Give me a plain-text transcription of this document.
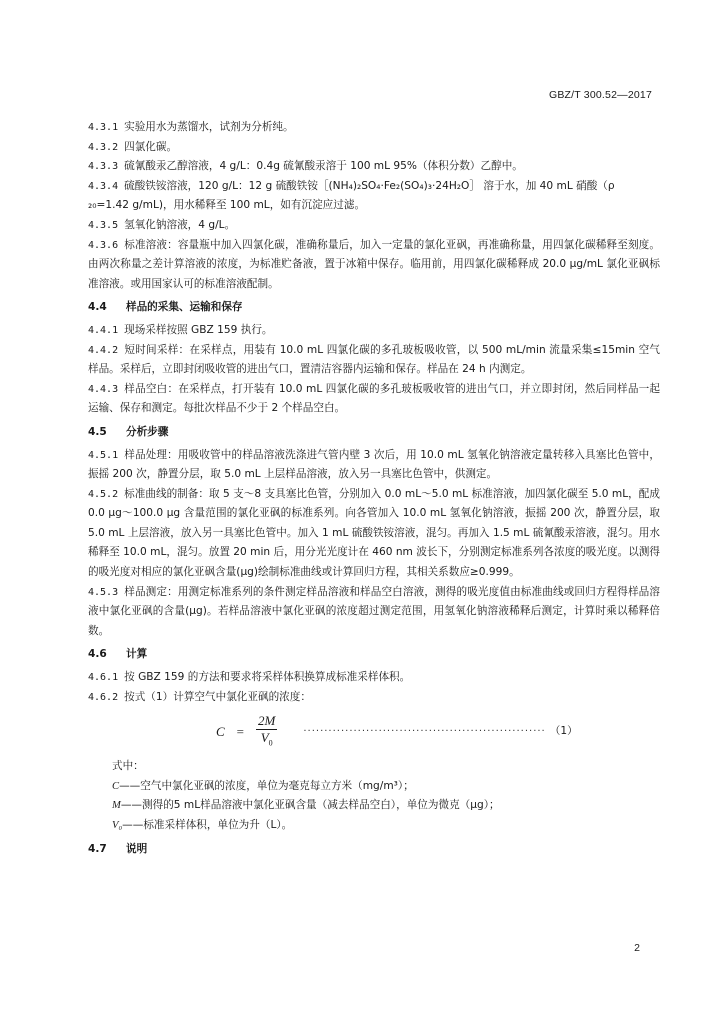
GBZ/T 300.52—2017

4.3.1 实验用水为蒸馏水，试剂为分析纯。

4.3.2 四氯化碳。

4.3.3 硫氰酸汞乙醇溶液，4 g/L：0.4g 硫氰酸汞溶于 100 mL 95%（体积分数）乙醇中。

4.3.4 硫酸铁铵溶液，120 g/L：12 g 硫酸铁铵［(NH₄)₂SO₄·Fe₂(SO₄)₃·24H₂O］ 溶于水，加 40 mL 硝酸（ρ
₂₀=1.42 g/mL)，用水稀释至 100 mL，如有沉淀应过滤。

4.3.5 氢氧化钠溶液，4 g/L。

4.3.6 标准溶液：容量瓶中加入四氯化碳，准确称量后，加入一定量的氯化亚砜，再准确称量，用四氯化碳稀释至刻度。由两次称量之差计算溶液的浓度，为标准贮备液，置于冰箱中保存。临用前，用四氯化碳稀释成 20.0 μg/mL 氯化亚砜标准溶液。或用国家认可的标准溶液配制。

4.4	样品的采集、运输和保存

4.4.1 现场采样按照 GBZ 159 执行。

4.4.2 短时间采样：在采样点，用装有 10.0 mL 四氯化碳的多孔玻板吸收管，以 500 mL/min 流量采集≤15min 空气样品。采样后，立即封闭吸收管的进出气口，置清洁容器内运输和保存。样品在 24 h 内测定。

4.4.3 样品空白：在采样点，打开装有 10.0 mL 四氯化碳的多孔玻板吸收管的进出气口，并立即封闭，然后同样品一起运输、保存和测定。每批次样品不少于 2 个样品空白。

4.5	分析步骤

4.5.1 样品处理：用吸收管中的样品溶液洗涤进气管内壁 3 次后，用 10.0 mL 氢氧化钠溶液定量转移入具塞比色管中，振摇 200 次，静置分层，取 5.0 mL 上层样品溶液，放入另一具塞比色管中，供测定。

4.5.2 标准曲线的制备：取 5 支～8 支具塞比色管，分别加入 0.0 mL～5.0 mL 标准溶液，加四氯化碳至 5.0 mL，配成 0.0 μg～100.0 μg 含量范围的氯化亚砜的标准系列。向各管加入 10.0 mL 氢氧化钠溶液，振摇 200 次，静置分层，取 5.0 mL 上层溶液，放入另一具塞比色管中。加入 1 mL 硫酸铁铵溶液，混匀。再加入 1.5 mL 硫氰酸汞溶液，混匀。用水稀释至 10.0 mL，混匀。放置 20 min 后，用分光光度计在 460 nm 波长下，分别测定标准系列各浓度的吸光度。以测得的吸光度对相应的氯化亚砜含量(μg)绘制标准曲线或计算回归方程，其相关系数应≥0.999。

4.5.3 样品测定：用测定标准系列的条件测定样品溶液和样品空白溶液，测得的吸光度值由标准曲线或回归方程得样品溶液中氯化亚砜的含量(μg)。若样品溶液中氯化亚砜的浓度超过测定范围，用氢氧化钠溶液稀释后测定，计算时乘以稀释倍数。

4.6	计算

4.6.1 按 GBZ 159 的方法和要求将采样体积换算成标准采样体积。

4.6.2 按式（1）计算空气中氯化亚砜的浓度：

$C = \frac{2M}{V_0}$	·························································· （1）

式中：

C——空气中氯化亚砜的浓度，单位为毫克每立方米（mg/m³）；

M——测得的5 mL样品溶液中氯化亚砜含量（减去样品空白），单位为微克（μg）；

V₀——标准采样体积，单位为升（L）。

4.7	说明
2
